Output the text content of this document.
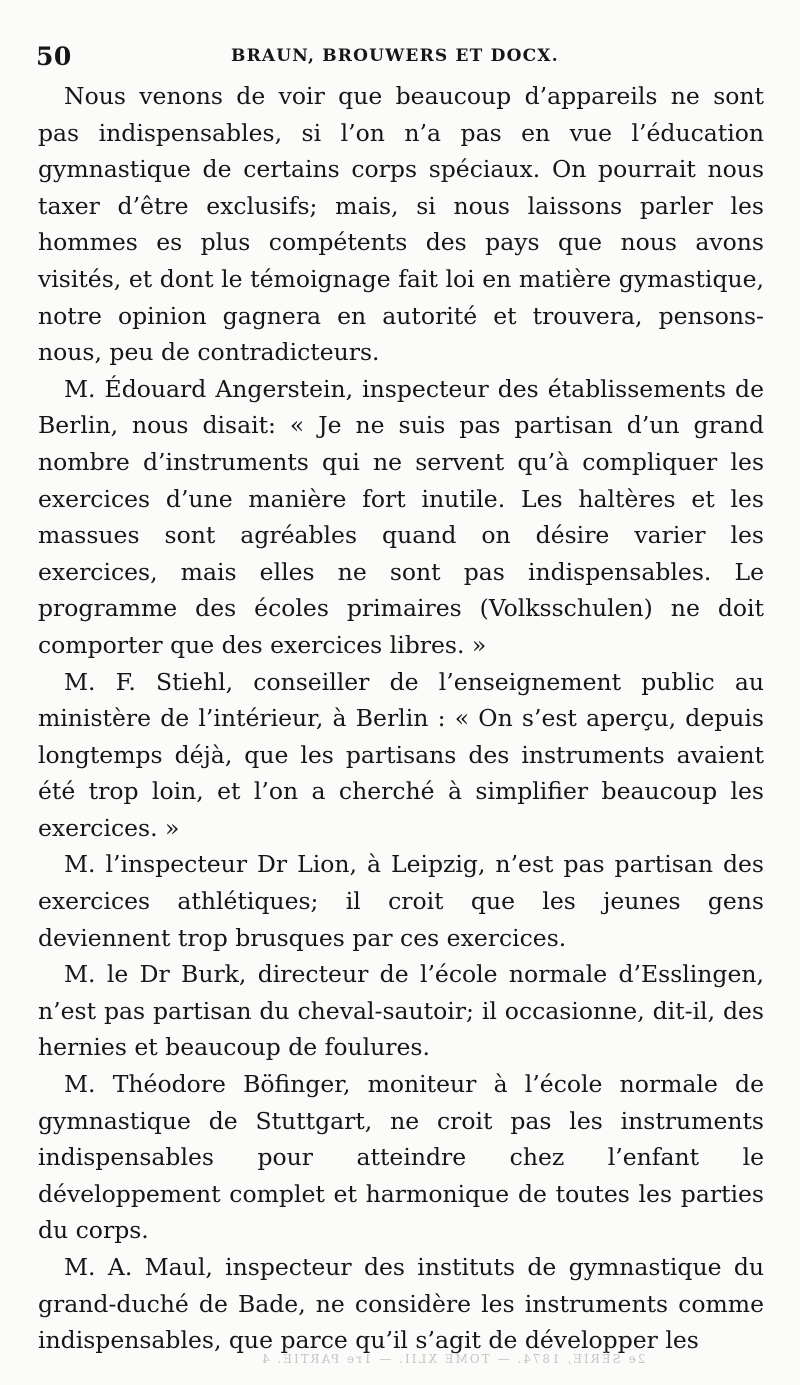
50	BRAUN, BROUWERS ET DOCX.

Nous venons de voir que beaucoup d’appareils ne sont pas indispensables, si l’on n’a pas en vue l’éducation gymnastique de certains corps spéciaux. On pourrait nous taxer d’être exclusifs; mais, si nous laissons parler les hommes es plus compétents des pays que nous avons visités, et dont le témoignage fait loi en matière gymastique, notre opinion gagnera en autorité et trouvera, pensons-nous, peu de contradicteurs.

M. Édouard Angerstein, inspecteur des établissements de Berlin, nous disait: « Je ne suis pas partisan d’un grand nombre d’instruments qui ne servent qu’à compliquer les exercices d’une manière fort inutile. Les haltères et les massues sont agréables quand on désire varier les exercices, mais elles ne sont pas indispensables. Le programme des écoles primaires (Volksschulen) ne doit comporter que des exercices libres. »

M. F. Stiehl, conseiller de l’enseignement public au ministère de l’intérieur, à Berlin : « On s’est aperçu, depuis longtemps déjà, que les partisans des instruments avaient été trop loin, et l’on a cherché à simplifier beaucoup les exercices. »

M. l’inspecteur Dr Lion, à Leipzig, n’est pas partisan des exercices athlétiques; il croit que les jeunes gens deviennent trop brusques par ces exercices.

M. le Dr Burk, directeur de l’école normale d’Esslingen, n’est pas partisan du cheval-sautoir; il occasionne, dit-il, des hernies et beaucoup de foulures.

M. Théodore Böfinger, moniteur à l’école normale de gymnastique de Stuttgart, ne croit pas les instruments indispensables pour atteindre chez l’enfant le développement complet et harmonique de toutes les parties du corps.

M. A. Maul, inspecteur des instituts de gymnastique du grand-duché de Bade, ne considère les instruments comme indispensables, que parce qu’il s’agit de développer les

2e SÉRIE, 1874. — TOME XLII. — 1re PARTIE. 4
